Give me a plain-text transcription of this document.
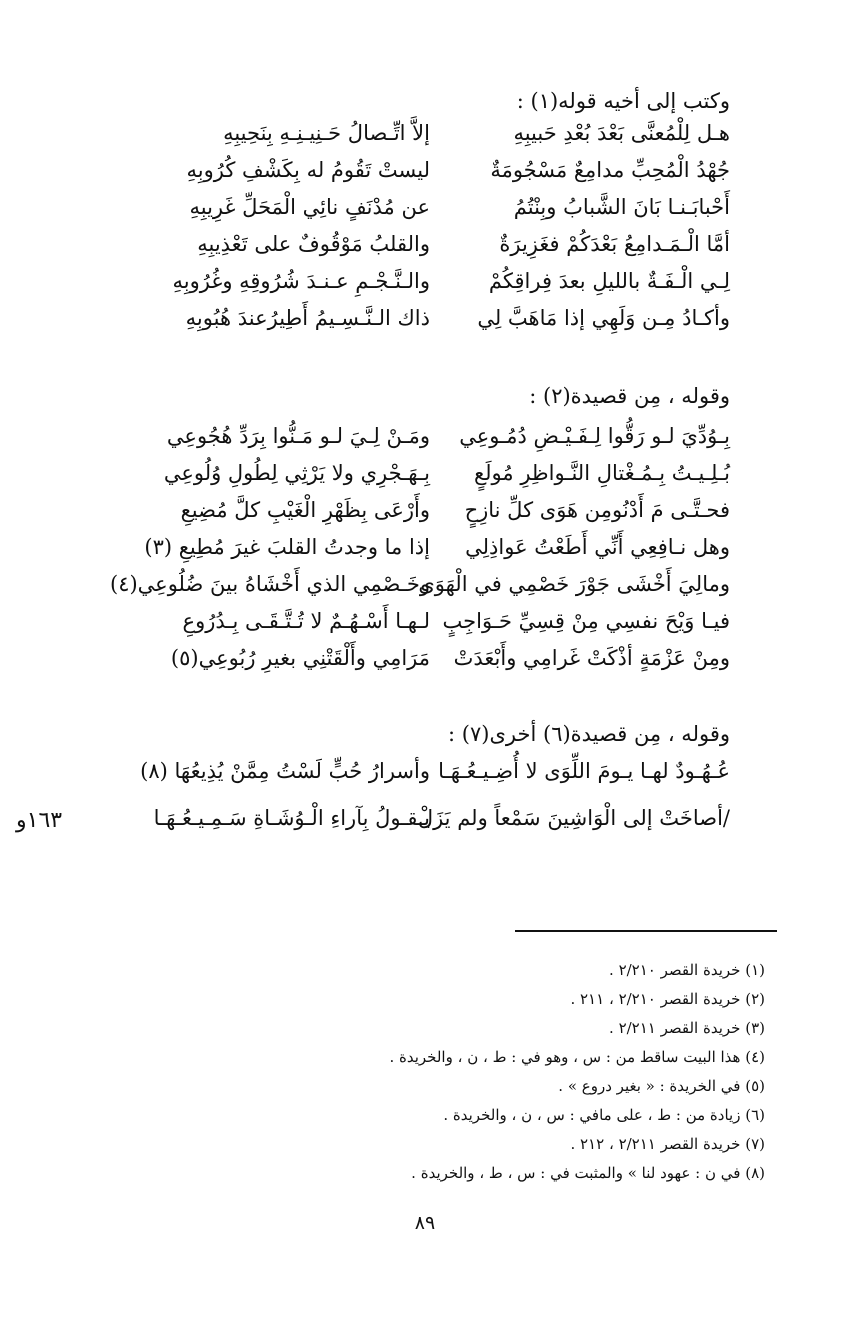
وكتب إلى أخيه قوله(١) :
هـل لِلْمُعنَّى بَعْدَ بُعْدِ حَبيبِهِ
إلاَّ اتِّـصالُ حَـنِيـنِـهِ بِنَحِيبِهِ
جُهْدُ الْمُحِبِّ مدامِعٌ مَسْجُومَةٌ
ليستْ تَقُومُ له بِكَشْفِ كُرُوبِهِ
أَحْبابَـنـا بَانَ الشَّبابُ وبِنْتُمُ
عن مُدْنَفٍ نائِي الْمَحَلِّ غَرِيبِهِ
أمَّا الْـمَـدامِعُ بَعْدَكُمْ فغَزِيرَةٌ
والقلبُ مَوْقُوفٌ على تَعْذِيبِهِ
لِـي الْـفَـةٌ بالليلِ بعدَ فِراقِكُمْ
والـنَّـجْـمِ عـنـدَ شُرُوقِهِ وغُرُوبِهِ
وأكـادُ مِـن وَلَهِي إذا مَاهَبَّ لِي
ذاك الـنَّـسِـيمُ أَطِيرُعندَ هُبُوبِهِ
وقوله ، مِن قصيدة(٢) :
بِـوُدِّيَ لـو رَقُّوا لِـفَـيْـضِ دُمُـوعِي
ومَـنْ لِـيَ لـو مَـنُّوا بِرَدِّ هُجُوعِي
بُـلِـيـتُ بِـمُـغْتالِ النَّـواظِرِ مُولَعٍ
بِـهَـجْرِي ولا يَرْثِي لِطُولِ وُلُوعِي
فحـتَّـى مَ أَدْنُومِن هَوَى كلِّ نازِحٍ
وأَرْعَى بِظَهْرِ الْغَيْبِ كلَّ مُضِيعِ
وهل نـافِعِي أَنِّي أَطَعْتُ عَواذِلِي
إذا ما وجدتُ القلبَ غيرَ مُطِيعِ (٣)
ومالِيَ أَخْشَى جَوْرَ خَصْمِي في الْهَوَى
وخَـصْمِي الذي أَخْشَاهُ بينَ ضُلُوعِي(٤)
فيـا وَيْحَ نفسِي مِنْ قِسِيِّ حَـوَاجِبٍ
لـهـا أَسْـهُـمٌ لا تُـتَّـقَـى بِـدُرُوعِ
ومِنْ عَزْمَةٍ أذْكَتْ غَرامِي وأَبْعَدَتْ
مَرَامِي وأَلْقَتْنِي بغيرِ رُبُوعِي(٥)
وقوله ، مِن قصيدة(٦) أخرى(٧) :
عُـهُـودٌ لهـا يـومَ اللِّوَى لا أُضِـيـعُـهَـا
وأسرارُ حُبٍّ لَسْتُ مِمَّنْ يُذِيعُهَا (٨)
/أصاخَتْ إلى الْوَاشِينَ سَمْعاً ولم يَزَلْ
يـقـولُ بِآراءِ الْـوُشَـاةِ سَـمِـيـعُـهَـا
١٦٣و
(١) خريدة القصر ٢/٢١٠ .
(٢) خريدة القصر ٢/٢١٠ ، ٢١١ .
(٣) خريدة القصر ٢/٢١١ .
(٤) هذا البيت ساقط من : س ، وهو في : ط ، ن ، والخريدة .
(٥) في الخريدة : « بغير دروع » .
(٦) زيادة من : ط ، على مافي : س ، ن ، والخريدة .
(٧) خريدة القصر ٢/٢١١ ، ٢١٢ .
(٨) في ن : عهود لنا » والمثبت في : س ، ط ، والخريدة .
٨٩
